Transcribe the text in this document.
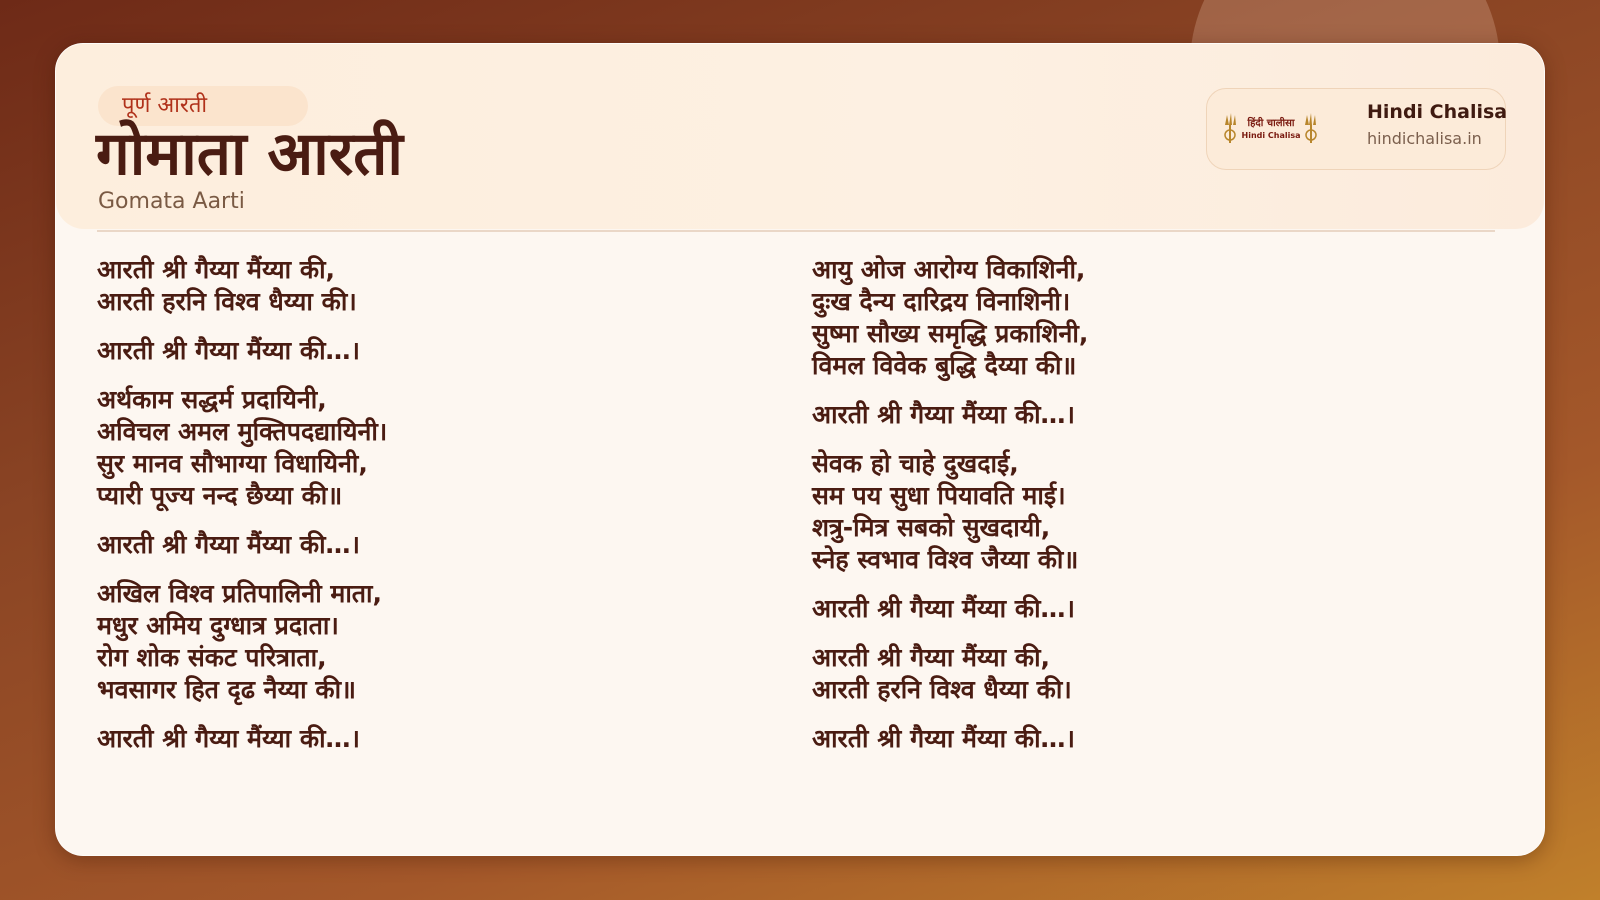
पूर्ण आरती
गोमाता आरती
Gomata Aarti
हिंदी चालीसा
Hindi Chalisa
Hindi Chalisa
hindichalisa.in
आरती श्री गैय्या मैंय्या की,
आरती हरनि विश्व धैय्या की।
आरती श्री गैय्या मैंय्या की…।
अर्थकाम सद्धर्म प्रदायिनी,
अविचल अमल मुक्तिपदद्यायिनी।
सुर मानव सौभाग्या विधायिनी,
प्यारी पूज्य नन्द छैय्या की॥
आरती श्री गैय्या मैंय्या की…।
अखिल विश्व प्रतिपालिनी माता,
मधुर अमिय दुग्धात्र प्रदाता।
रोग शोक संकट परित्राता,
भवसागर हित दृढ नैय्या की॥
आरती श्री गैय्या मैंय्या की…।
आयु ओज आरोग्य विकाशिनी,
दुःख दैन्य दारिद्रय विनाशिनी।
सुष्मा सौख्य समृद्धि प्रकाशिनी,
विमल विवेक बुद्धि दैय्या की॥
आरती श्री गैय्या मैंय्या की…।
सेवक हो चाहे दुखदाई,
सम पय सुधा पियावति माई।
शत्रु-मित्र सबको सुखदायी,
स्नेह स्वभाव विश्व जैय्या की॥
आरती श्री गैय्या मैंय्या की…।
आरती श्री गैय्या मैंय्या की,
आरती हरनि विश्व धैय्या की।
आरती श्री गैय्या मैंय्या की…।
